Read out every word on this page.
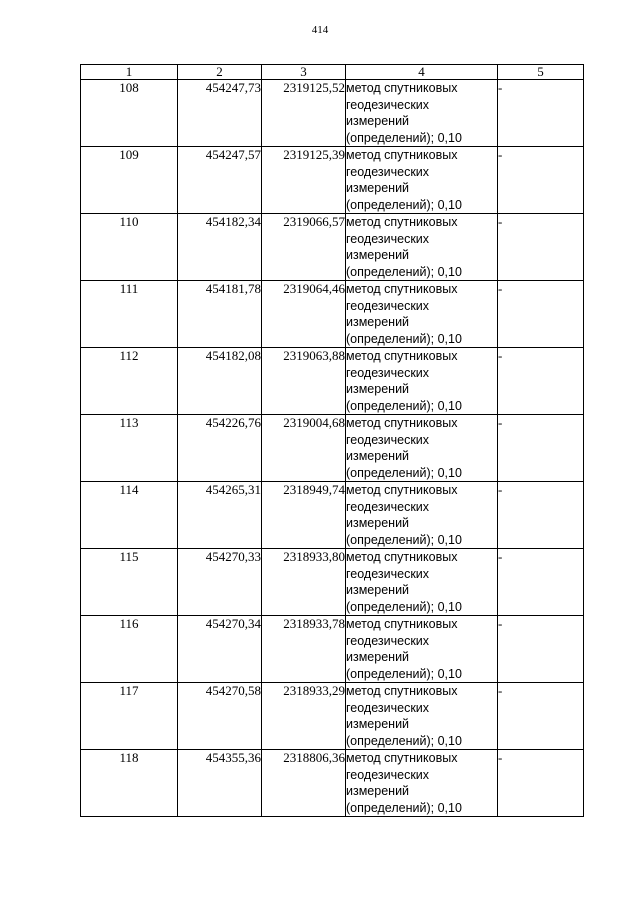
414
1	2	3	4	5
108	454247,73	2319125,52	метод спутниковых
геодезических
измерений
(определений); 0,10	-
109	454247,57	2319125,39	метод спутниковых
геодезических
измерений
(определений); 0,10	-
110	454182,34	2319066,57	метод спутниковых
геодезических
измерений
(определений); 0,10	-
111	454181,78	2319064,46	метод спутниковых
геодезических
измерений
(определений); 0,10	-
112	454182,08	2319063,88	метод спутниковых
геодезических
измерений
(определений); 0,10	-
113	454226,76	2319004,68	метод спутниковых
геодезических
измерений
(определений); 0,10	-
114	454265,31	2318949,74	метод спутниковых
геодезических
измерений
(определений); 0,10	-
115	454270,33	2318933,80	метод спутниковых
геодезических
измерений
(определений); 0,10	-
116	454270,34	2318933,78	метод спутниковых
геодезических
измерений
(определений); 0,10	-
117	454270,58	2318933,29	метод спутниковых
геодезических
измерений
(определений); 0,10	-
118	454355,36	2318806,36	метод спутниковых
геодезических
измерений
(определений); 0,10	-
